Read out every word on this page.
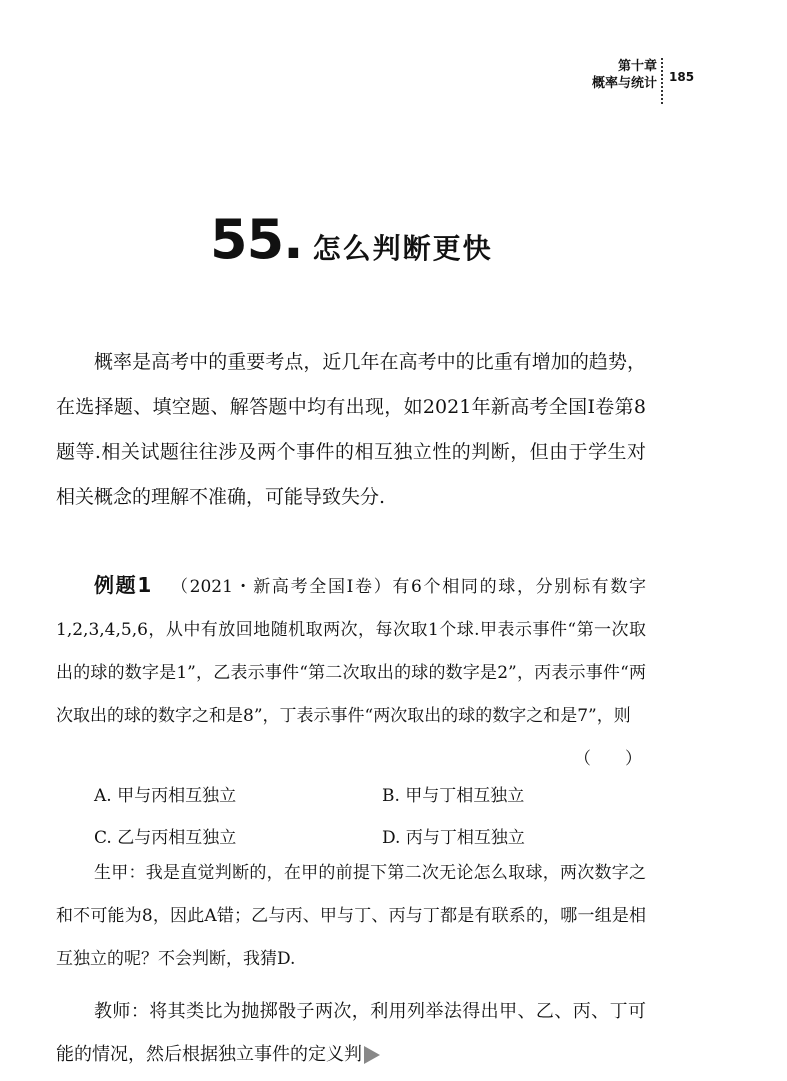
第十章
概率与统计 185
55. 怎么判断更快

概率是高考中的重要考点，近几年在高考中的比重有增加的趋势，在选择题、填空题、解答题中均有出现，如2021年新高考全国Ⅰ卷第8题等.相关试题往往涉及两个事件的相互独立性的判断，但由于学生对相关概念的理解不准确，可能导致失分.

例题1 （2021・新高考全国Ⅰ卷）有6个相同的球，分别标有数字1,2,3,4,5,6，从中有放回地随机取两次，每次取1个球.甲表示事件“第一次取出的球的数字是1”，乙表示事件“第二次取出的球的数字是2”，丙表示事件“两次取出的球的数字之和是8”，丁表示事件“两次取出的球的数字之和是7”，则
（　　）

A. 甲与丙相互独立	B. 甲与丁相互独立
C. 乙与丙相互独立	D. 丙与丁相互独立

生甲：我是直觉判断的，在甲的前提下第二次无论怎么取球，两次数字之和不可能为8，因此A错；乙与丙、甲与丁、丙与丁都是有联系的，哪一组是相互独立的呢？不会判断，我猜D.

教师：将其类比为抛掷骰子两次，利用列举法得出甲、乙、丙、丁可能的情况，然后根据独立事件的定义判
